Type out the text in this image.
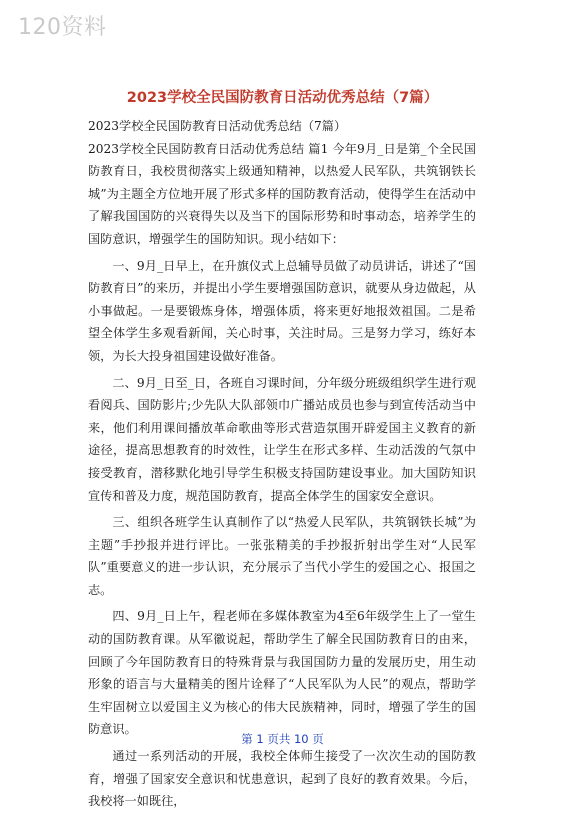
120资料
2023学校全民国防教育日活动优秀总结（7篇）

2023学校全民国防教育日活动优秀总结（7篇）

2023学校全民国防教育日活动优秀总结 篇1 今年9月_日是第_个全民国防教育日，我校贯彻落实上级通知精神，以热爱人民军队，共筑钢铁长城”为主题全方位地开展了形式多样的国防教育活动，使得学生在活动中了解我国国防的兴衰得失以及当下的国际形势和时事动态，培养学生的国防意识，增强学生的国防知识。现小结如下：

一、9月_日早上，在升旗仪式上总辅导员做了动员讲话，讲述了“国防教育日”的来历，并提出小学生要增强国防意识，就要从身边做起，从小事做起。一是要锻炼身体，增强体质，将来更好地报效祖国。二是希望全体学生多观看新闻，关心时事，关注时局。三是努力学习，练好本领，为长大投身祖国建设做好准备。

二、9月_日至_日，各班自习课时间，分年级分班级组织学生进行观看阅兵、国防影片;少先队大队部领巾广播站成员也参与到宣传活动当中来，他们利用课间播放革命歌曲等形式营造氛围开辟爱国主义教育的新途径，提高思想教育的时效性，让学生在形式多样、生动活泼的气氛中接受教育，潜移默化地引导学生积极支持国防建设事业。加大国防知识宣传和普及力度，规范国防教育，提高全体学生的国家安全意识。

三、组织各班学生认真制作了以“热爱人民军队，共筑钢铁长城”为主题”手抄报并进行评比。一张张精美的手抄报折射出学生对“人民军队”重要意义的进一步认识，充分展示了当代小学生的爱国之心、报国之志。

四、9月_日上午，程老师在多媒体教室为4至6年级学生上了一堂生动的国防教育课。从军徽说起，帮助学生了解全民国防教育日的由来，回顾了今年国防教育日的特殊背景与我国国防力量的发展历史，用生动形象的语言与大量精美的图片诠释了“人民军队为人民”的观点，帮助学生牢固树立以爱国主义为核心的伟大民族精神，同时，增强了学生的国防意识。

通过一系列活动的开展，我校全体师生接受了一次次生动的国防教育，增强了国家安全意识和忧患意识，起到了良好的教育效果。今后，我校将一如既往，

第 1 页共 10 页
